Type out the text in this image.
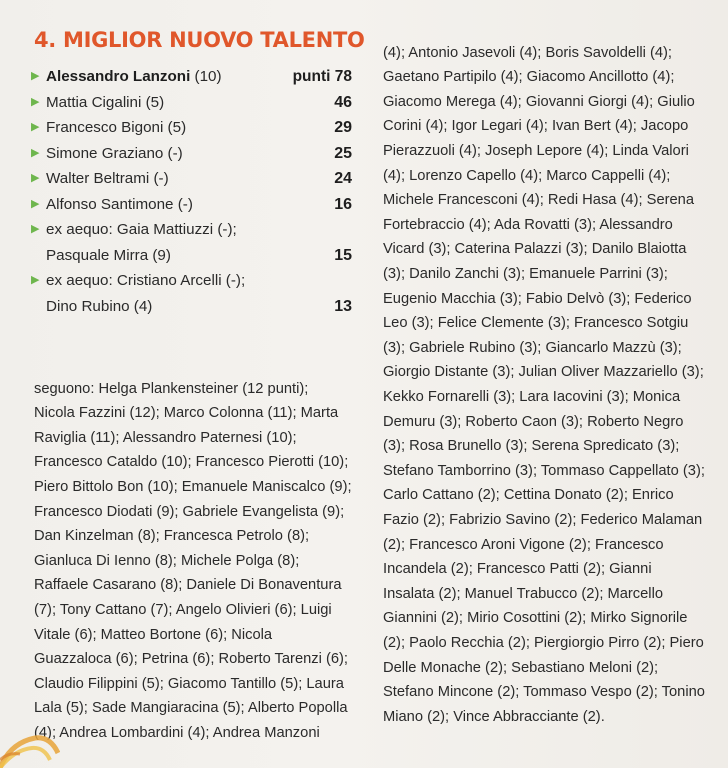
4. MIGLIOR NUOVO TALENTO
▶ Alessandro Lanzoni (10)	punti 78
▶ Mattia Cigalini (5)	46
▶ Francesco Bigoni (5)	29
▶ Simone Graziano (-)	25
▶ Walter Beltrami (-)	24
▶ Alfonso Santimone (-)	16
▶ ex aequo: Gaia Mattiuzzi (-);
Pasquale Mirra (9)	15
▶ ex aequo: Cristiano Arcelli (-);
Dino Rubino (4)	13

seguono: Helga Plankensteiner (12 punti); Nicola Fazzini (12); Marco Colonna (11); Marta Raviglia (11); Alessandro Paternesi (10); Francesco Cataldo (10); Francesco Pierotti (10); Piero Bittolo Bon (10); Emanuele Maniscalco (9); Francesco Diodati (9); Gabriele Evangelista (9); Dan Kinzelman (8); Francesca Petrolo (8); Gianluca Di Ienno (8); Michele Polga (8); Raffaele Casarano (8); Daniele Di Bonaventura (7); Tony Cattano (7); Angelo Olivieri (6); Luigi Vitale (6); Matteo Bortone (6); Nicola Guazzaloca (6); Petrina (6); Roberto Tarenzi (6); Claudio Filippini (5); Giacomo Tantillo (5); Laura Lala (5); Sade Mangiaracina (5); Alberto Popolla (4); Andrea Lombardini (4); Andrea Manzoni

(4); Antonio Jasevoli (4); Boris Savoldelli (4); Gaetano Partipilo (4); Giacomo Ancillotto (4); Giacomo Merega (4); Giovanni Giorgi (4); Giulio Corini (4); Igor Legari (4); Ivan Bert (4); Jacopo Pierazzuoli (4); Joseph Lepore (4); Linda Valori (4); Lorenzo Capello (4); Marco Cappelli (4); Michele Francesconi (4); Redi Hasa (4); Serena Fortebraccio (4); Ada Rovatti (3); Alessandro Vicard (3); Caterina Palazzi (3); Danilo Blaiotta (3); Danilo Zanchi (3); Emanuele Parrini (3); Eugenio Macchia (3); Fabio Delvò (3); Federico Leo (3); Felice Clemente (3); Francesco Sotgiu (3); Gabriele Rubino (3); Giancarlo Mazzù (3); Giorgio Distante (3); Julian Oliver Mazzariello (3); Kekko Fornarelli (3); Lara Iacovini (3); Monica Demuru (3); Roberto Caon (3); Roberto Negro (3); Rosa Brunello (3); Serena Spredicato (3); Stefano Tamborrino (3); Tommaso Cappellato (3); Carlo Cattano (2); Cettina Donato (2); Enrico Fazio (2); Fabrizio Savino (2); Federico Malaman (2); Francesco Aroni Vigone (2); Francesco Incandela (2); Francesco Patti (2); Gianni Insalata (2); Manuel Trabucco (2); Marcello Giannini (2); Mirio Cosottini (2); Mirko Signorile (2); Paolo Recchia (2); Piergiorgio Pirro (2); Piero Delle Monache (2); Sebastiano Meloni (2); Stefano Mincone (2); Tommaso Vespo (2); Tonino Miano (2); Vince Abbracciante (2).
